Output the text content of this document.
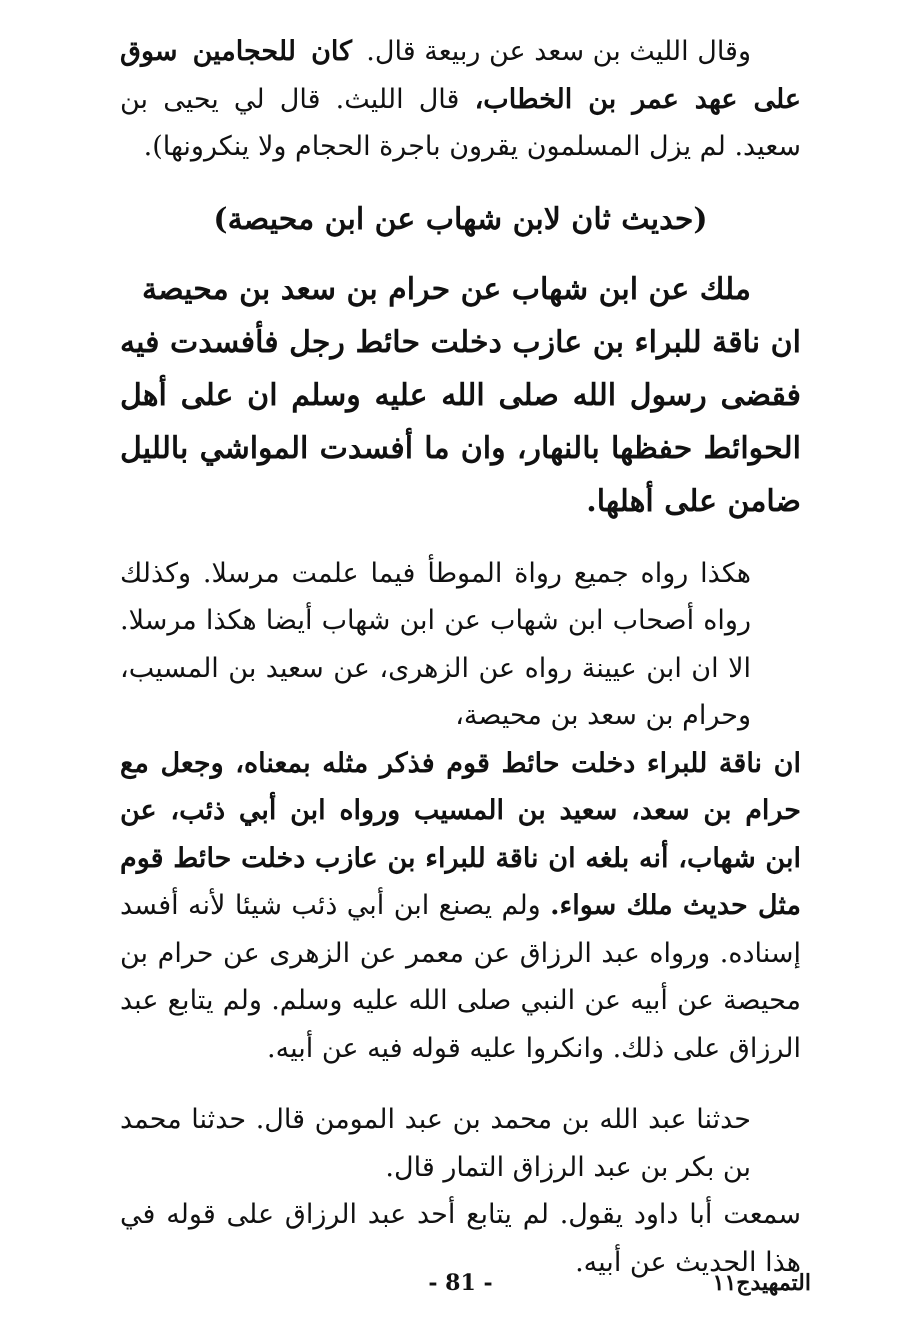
وقال الليث بن سعد عن ربيعة قال. كان للحجامين سوق على عهد عمر بن الخطاب، قال الليث. قال لي يحيى بن سعيد. لم يزل المسلمون يقرون باجرة الحجام ولا ينكرونها).

(حديث ثان لابن شهاب عن ابن محيصة)

ملك عن ابن شهاب عن حرام بن سعد بن محيصة ان ناقة للبراء بن عازب دخلت حائط رجل فأفسدت فيه فقضى رسول الله صلى الله عليه وسلم ان على أهل الحوائط حفظها بالنهار، وان ما أفسدت المواشي بالليل ضامن على أهلها.

هكذا رواه جميع رواة الموطأ فيما علمت مرسلا. وكذلك رواه أصحاب ابن شهاب عن ابن شهاب أيضا هكذا مرسلا. الا ان ابن عيينة رواه عن الزهرى، عن سعيد بن المسيب، وحرام بن سعد بن محيصة، ان ناقة للبراء دخلت حائط قوم فذكر مثله بمعناه، وجعل مع حرام بن سعد، سعيد بن المسيب ورواه ابن أبي ذئب، عن ابن شهاب، أنه بلغه ان ناقة للبراء بن عازب دخلت حائط قوم مثل حديث ملك سواء. ولم يصنع ابن أبي ذئب شيئا لأنه أفسد إسناده. ورواه عبد الرزاق عن معمر عن الزهرى عن حرام بن محيصة عن أبيه عن النبي صلى الله عليه وسلم. ولم يتابع عبد الرزاق على ذلك. وانكروا عليه قوله فيه عن أبيه.

حدثنا عبد الله بن محمد بن عبد المومن قال. حدثنا محمد بن بكر بن عبد الرزاق التمار قال. سمعت أبا داود يقول. لم يتابع أحد عبد الرزاق على قوله في هذا الحديث عن أبيه.

التمهيدج١١
- 81 -
